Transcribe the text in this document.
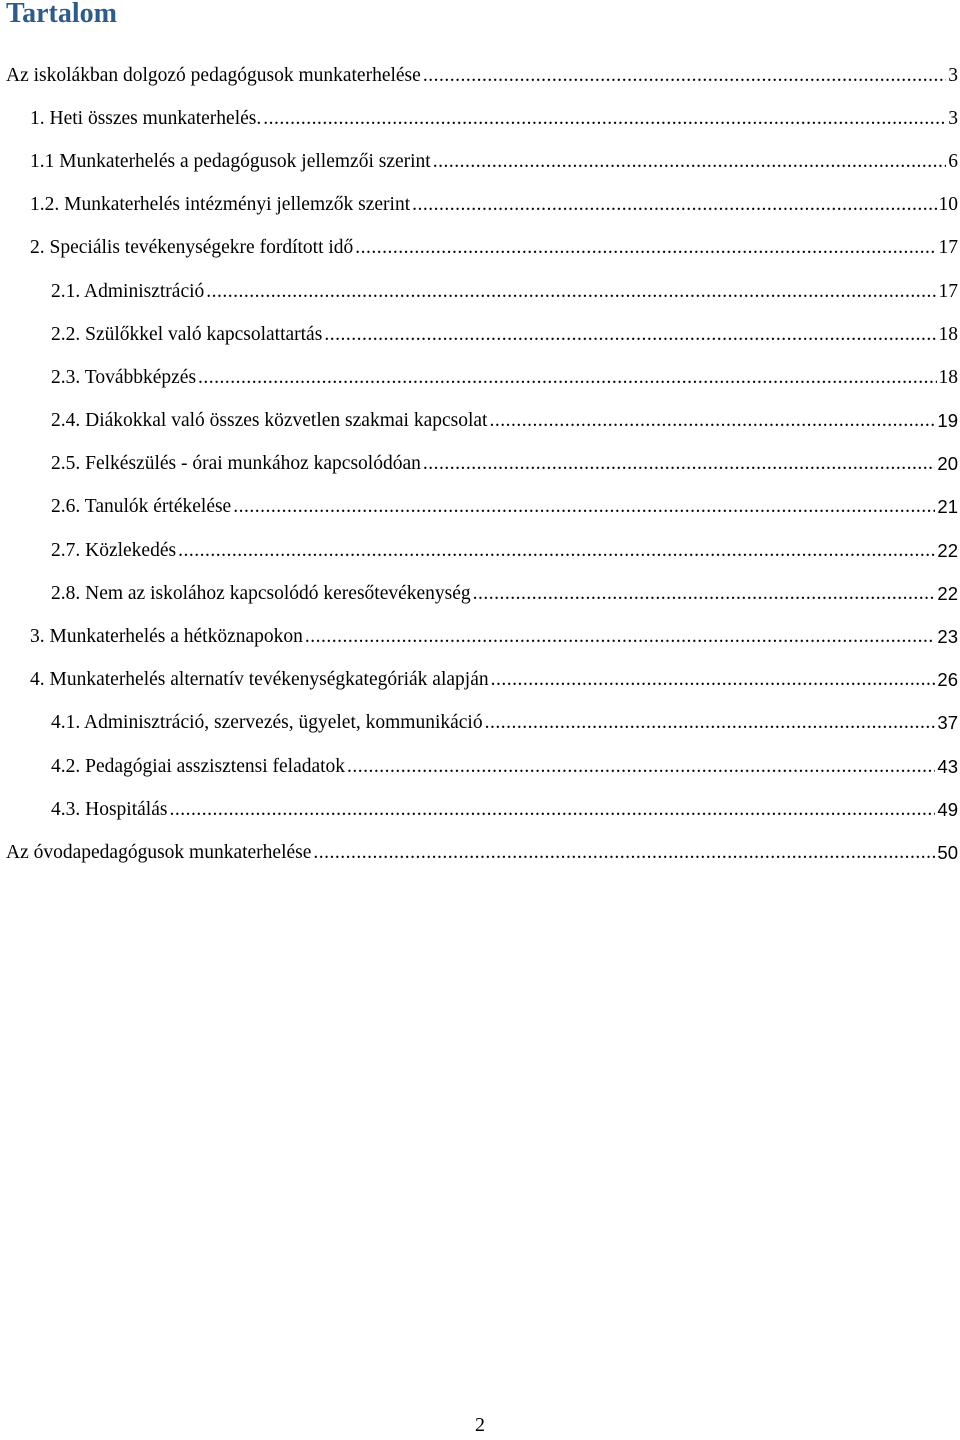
Tartalom
Az iskolákban dolgozó pedagógusok munkaterhelése .....	3
1. Heti összes munkaterhelés. .....	3
1.1 Munkaterhelés a pedagógusok jellemzői szerint .....	6
1.2. Munkaterhelés intézményi jellemzők szerint .....	10
2. Speciális tevékenységekre fordított idő .....	17
2.1. Adminisztráció .....	17
2.2. Szülőkkel való kapcsolattartás .....	18
2.3. Továbbképzés .....	18
2.4. Diákokkal való összes közvetlen szakmai kapcsolat .....	19
2.5. Felkészülés - órai munkához kapcsolódóan .....	20
2.6. Tanulók értékelése .....	21
2.7. Közlekedés .....	22
2.8. Nem az iskolához kapcsolódó keresőtevékenység .....	22
3. Munkaterhelés a hétköznapokon .....	23
4. Munkaterhelés alternatív tevékenységkategóriák alapján .....	26
4.1. Adminisztráció, szervezés, ügyelet, kommunikáció .....	37
4.2. Pedagógiai asszisztensi feladatok .....	43
4.3. Hospitálás .....	49
Az óvodapedagógusok munkaterhelése .....	50
2
